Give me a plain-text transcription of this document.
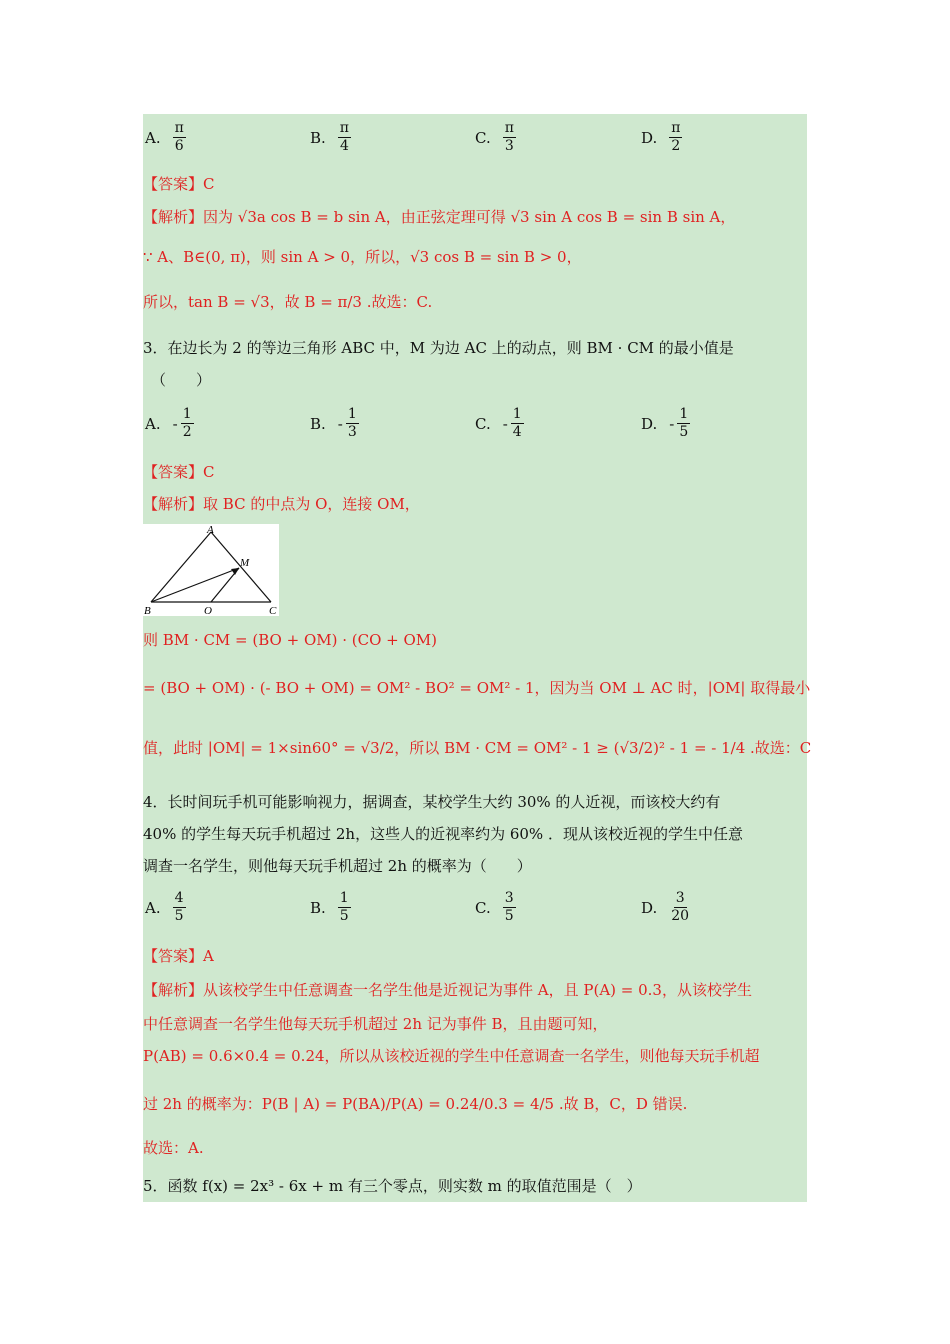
A. $\frac{\pi}{6}$	B. $\frac{\pi}{4}$	C. $\frac{\pi}{3}$	D. $\frac{\pi}{2}$
【答案】C
【解析】因为 √3a cos B = b sin A，由正弦定理可得 √3 sin A cos B = sin B sin A，
∵ A、B∈(0, π)，则 sin A > 0，所以，√3 cos B = sin B > 0，
所以，tan B = √3，故 B = π/3 .故选：C.
3．在边长为 2 的等边三角形 ABC 中，M 为边 AC 上的动点，则 BM · CM 的最小值是
（　　）
A. - $\frac{1}{2}$	B. - $\frac{1}{3}$	C. - $\frac{1}{4}$	D. - $\frac{1}{5}$
【答案】C
【解析】取 BC 的中点为 O，连接 OM，
A
B	C
M
O
则 BM · CM = (BO + OM) · (CO + OM)
= (BO + OM) · (- BO + OM) = OM² - BO² = OM² - 1，因为当 OM ⊥ AC 时，|OM| 取得最小
值，此时 |OM| = 1×sin60° = √3/2，所以 BM · CM = OM² - 1 ≥ (√3/2)² - 1 = - 1/4 .故选：C
4．长时间玩手机可能影响视力，据调查，某校学生大约 30% 的人近视，而该校大约有
40% 的学生每天玩手机超过 2h，这些人的近视率约为 60% ．现从该校近视的学生中任意
调查一名学生，则他每天玩手机超过 2h 的概率为（　　）
A. $\frac{4}{5}$	B. $\frac{1}{5}$	C. $\frac{3}{5}$	D. $\frac{3}{20}$
【答案】A
【解析】从该校学生中任意调查一名学生他是近视记为事件 A，且 P(A) = 0.3，从该校学生
中任意调查一名学生他每天玩手机超过 2h 记为事件 B，且由题可知，
P(AB) = 0.6×0.4 = 0.24，所以从该校近视的学生中任意调查一名学生，则他每天玩手机超
过 2h 的概率为：P(B | A) = P(BA)/P(A) = 0.24/0.3 = 4/5 .故 B，C，D 错误.
故选：A.
5．函数 f(x) = 2x³ - 6x + m 有三个零点，则实数 m 的取值范围是（　）
